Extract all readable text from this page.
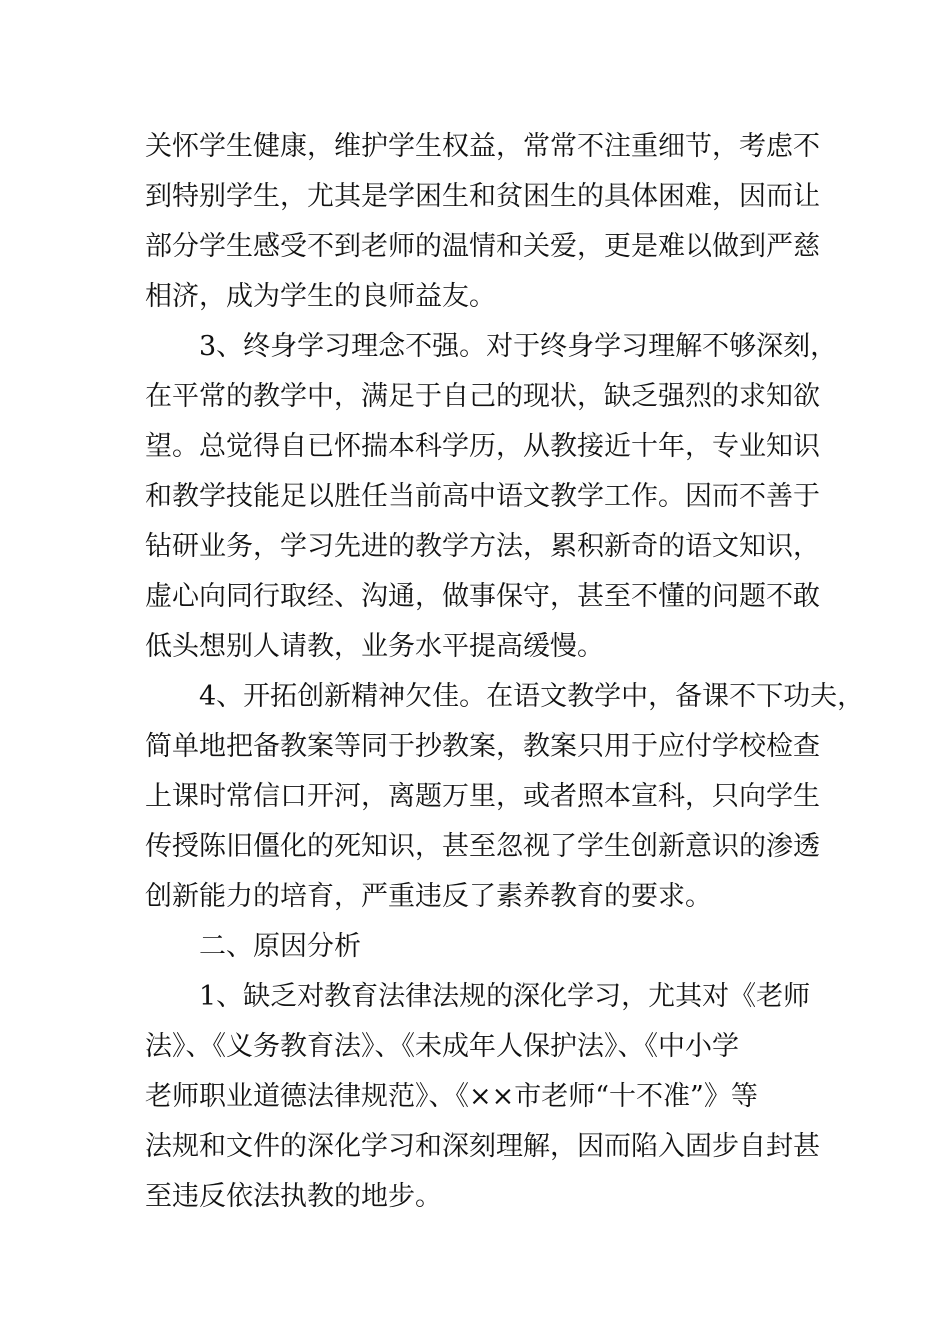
关怀学生健康，维护学生权益，常常不注重细节，考虑不
到特别学生，尤其是学困生和贫困生的具体困难，因而让
部分学生感受不到老师的温情和关爱，更是难以做到严慈
相济，成为学生的良师益友。
3、终身学习理念不强。对于终身学习理解不够深刻，
在平常的教学中，满足于自己的现状，缺乏强烈的求知欲
望。总觉得自已怀揣本科学历，从教接近十年，专业知识
和教学技能足以胜任当前高中语文教学工作。因而不善于
钻研业务，学习先进的教学方法，累积新奇的语文知识，
虚心向同行取经、沟通，做事保守，甚至不懂的问题不敢
低头想别人请教，业务水平提高缓慢。
4、开拓创新精神欠佳。在语文教学中，备课不下功夫，
简单地把备教案等同于抄教案，教案只用于应付学校检查
上课时常信口开河，离题万里，或者照本宣科，只向学生
传授陈旧僵化的死知识，甚至忽视了学生创新意识的渗透
创新能力的培育，严重违反了素养教育的要求。
二、原因分析
1、缺乏对教育法律法规的深化学习，尤其对《老师
法》、《义务教育法》、《未成年人保护法》、《中小学
老师职业道德法律规范》、《××市老师“十不准”》等
法规和文件的深化学习和深刻理解，因而陷入固步自封甚
至违反依法执教的地步。
